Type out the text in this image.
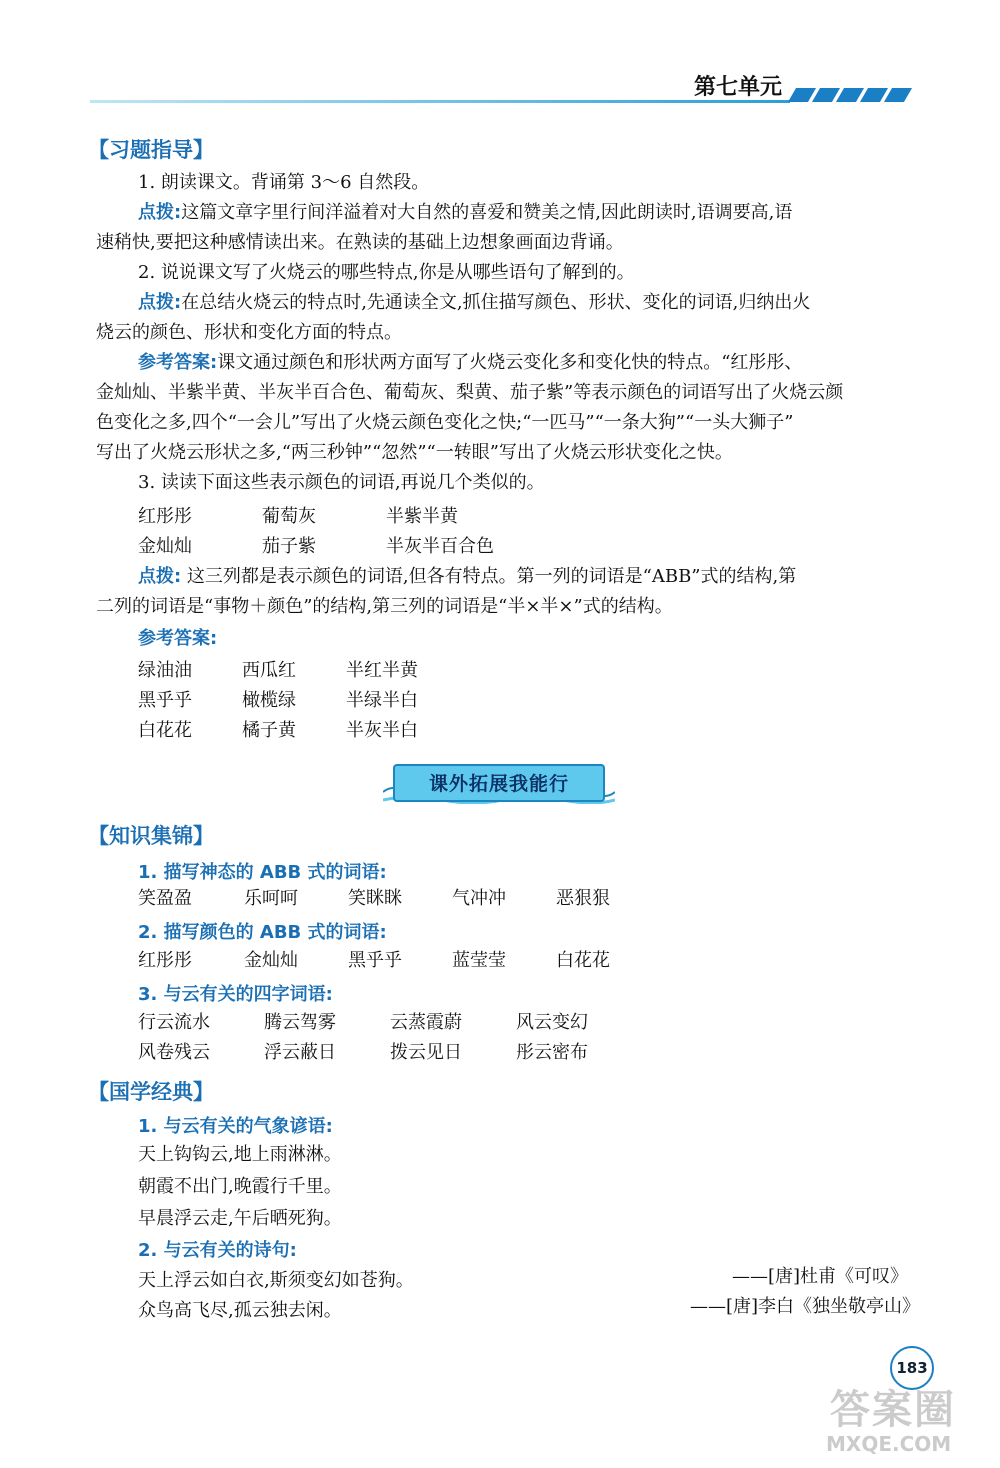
第七单元
【习题指导】
1. 朗读课文。背诵第 3～6 自然段。
点拨:这篇文章字里行间洋溢着对大自然的喜爱和赞美之情,因此朗读时,语调要高,语
速稍快,要把这种感情读出来。在熟读的基础上边想象画面边背诵。
2. 说说课文写了火烧云的哪些特点,你是从哪些语句了解到的。
点拨:在总结火烧云的特点时,先通读全文,抓住描写颜色、形状、变化的词语,归纳出火
烧云的颜色、形状和变化方面的特点。
参考答案:课文通过颜色和形状两方面写了火烧云变化多和变化快的特点。“红彤彤、
金灿灿、半紫半黄、半灰半百合色、葡萄灰、梨黄、茄子紫”等表示颜色的词语写出了火烧云颜
色变化之多,四个“一会儿”写出了火烧云颜色变化之快;“一匹马”“一条大狗”“一头大狮子”
写出了火烧云形状之多,“两三秒钟”“忽然”“一转眼”写出了火烧云形状变化之快。
3. 读读下面这些表示颜色的词语,再说几个类似的。
红彤彤	葡萄灰	半紫半黄
金灿灿	茄子紫	半灰半百合色
点拨: 这三列都是表示颜色的词语,但各有特点。第一列的词语是“ABB”式的结构,第
二列的词语是“事物＋颜色”的结构,第三列的词语是“半×半×”式的结构。
参考答案:
绿油油	西瓜红	半红半黄
黑乎乎	橄榄绿	半绿半白
白花花	橘子黄	半灰半白
课外拓展我能行
【知识集锦】
1. 描写神态的 ABB 式的词语:
笑盈盈	乐呵呵	笑眯眯	气冲冲	恶狠狠
2. 描写颜色的 ABB 式的词语:
红彤彤	金灿灿	黑乎乎	蓝莹莹	白花花
3. 与云有关的四字词语:
行云流水	腾云驾雾	云蒸霞蔚	风云变幻
风卷残云	浮云蔽日	拨云见日	彤云密布
【国学经典】
1. 与云有关的气象谚语:
天上钩钩云,地上雨淋淋。
朝霞不出门,晚霞行千里。
早晨浮云走,午后晒死狗。
2. 与云有关的诗句:
天上浮云如白衣,斯须变幻如苍狗。	——[唐]杜甫《可叹》
众鸟高飞尽,孤云独去闲。	——[唐]李白《独坐敬亭山》
183
答案圈
MXQE.COM
